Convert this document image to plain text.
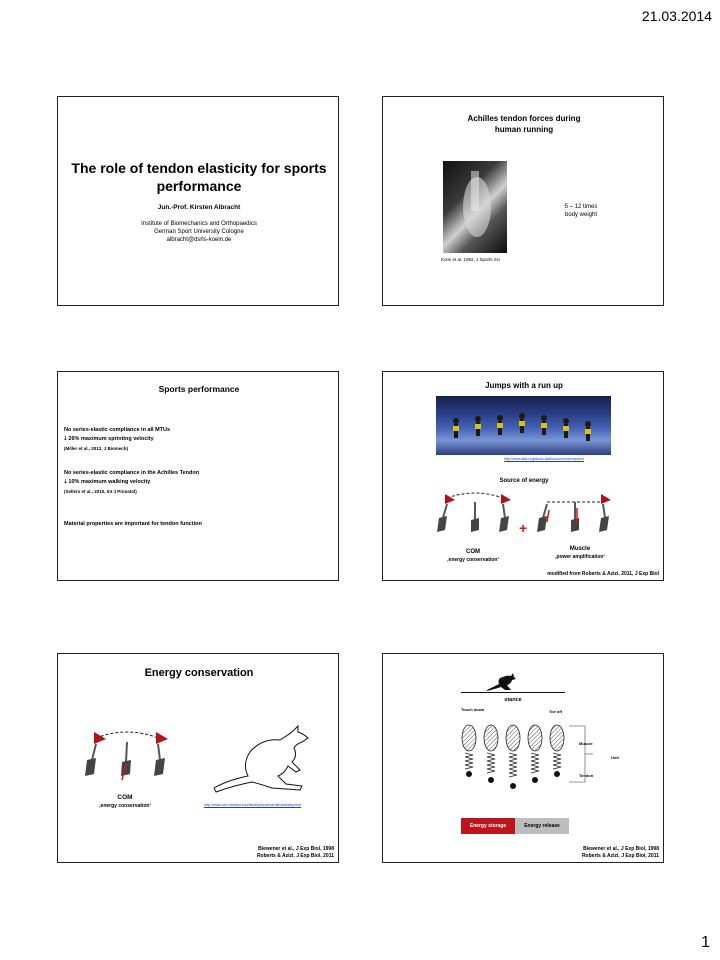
21.03.2014
1
The role of tendon elasticity for sports performance
Jun.-Prof. Kirsten Albracht
Institute of Biomechanics and Orthopaedics
German Sport University Cologne
albracht@dshs-koeln.de
Achilles tendon forces during
human running
5 – 12 times
body weight
Komi et al. 1992, J Sports Sci
Sports performance
No series-elastic compliance in all MTUs
🡓 26% maximum sprinting velocity
(Miller et al., 2012, J Biomech)
No series-elastic compliance in the Achilles Tendon
🡓 10% maximum walking velocity
(Sellers et al., 2010, Int J Primatol)
Material properties are important for tendon function
Jumps with a run up
http://www.iaaf.org/about-iaaf/documents/research
Source of energy
+
COM
‚energy conservation‘
Muscle
‚power amplification‘
modified from Roberts & Azizi, 2011, J Exp Biol
Energy conservation
COM
‚energy conservation‘	http://www.oeb.harvard.edu/faculty/biewener/lab/wallaby.html
Biewener et al., J Exp Biol, 1998
Roberts & Azizi, J Exp Biol, 2011
stance
Touch down	Toe off
Muscle
Unit
Tendon
Energy storage	Energy release
Biewener et al., J Exp Biol, 1998
Roberts & Azizi, J Exp Biol, 2011
